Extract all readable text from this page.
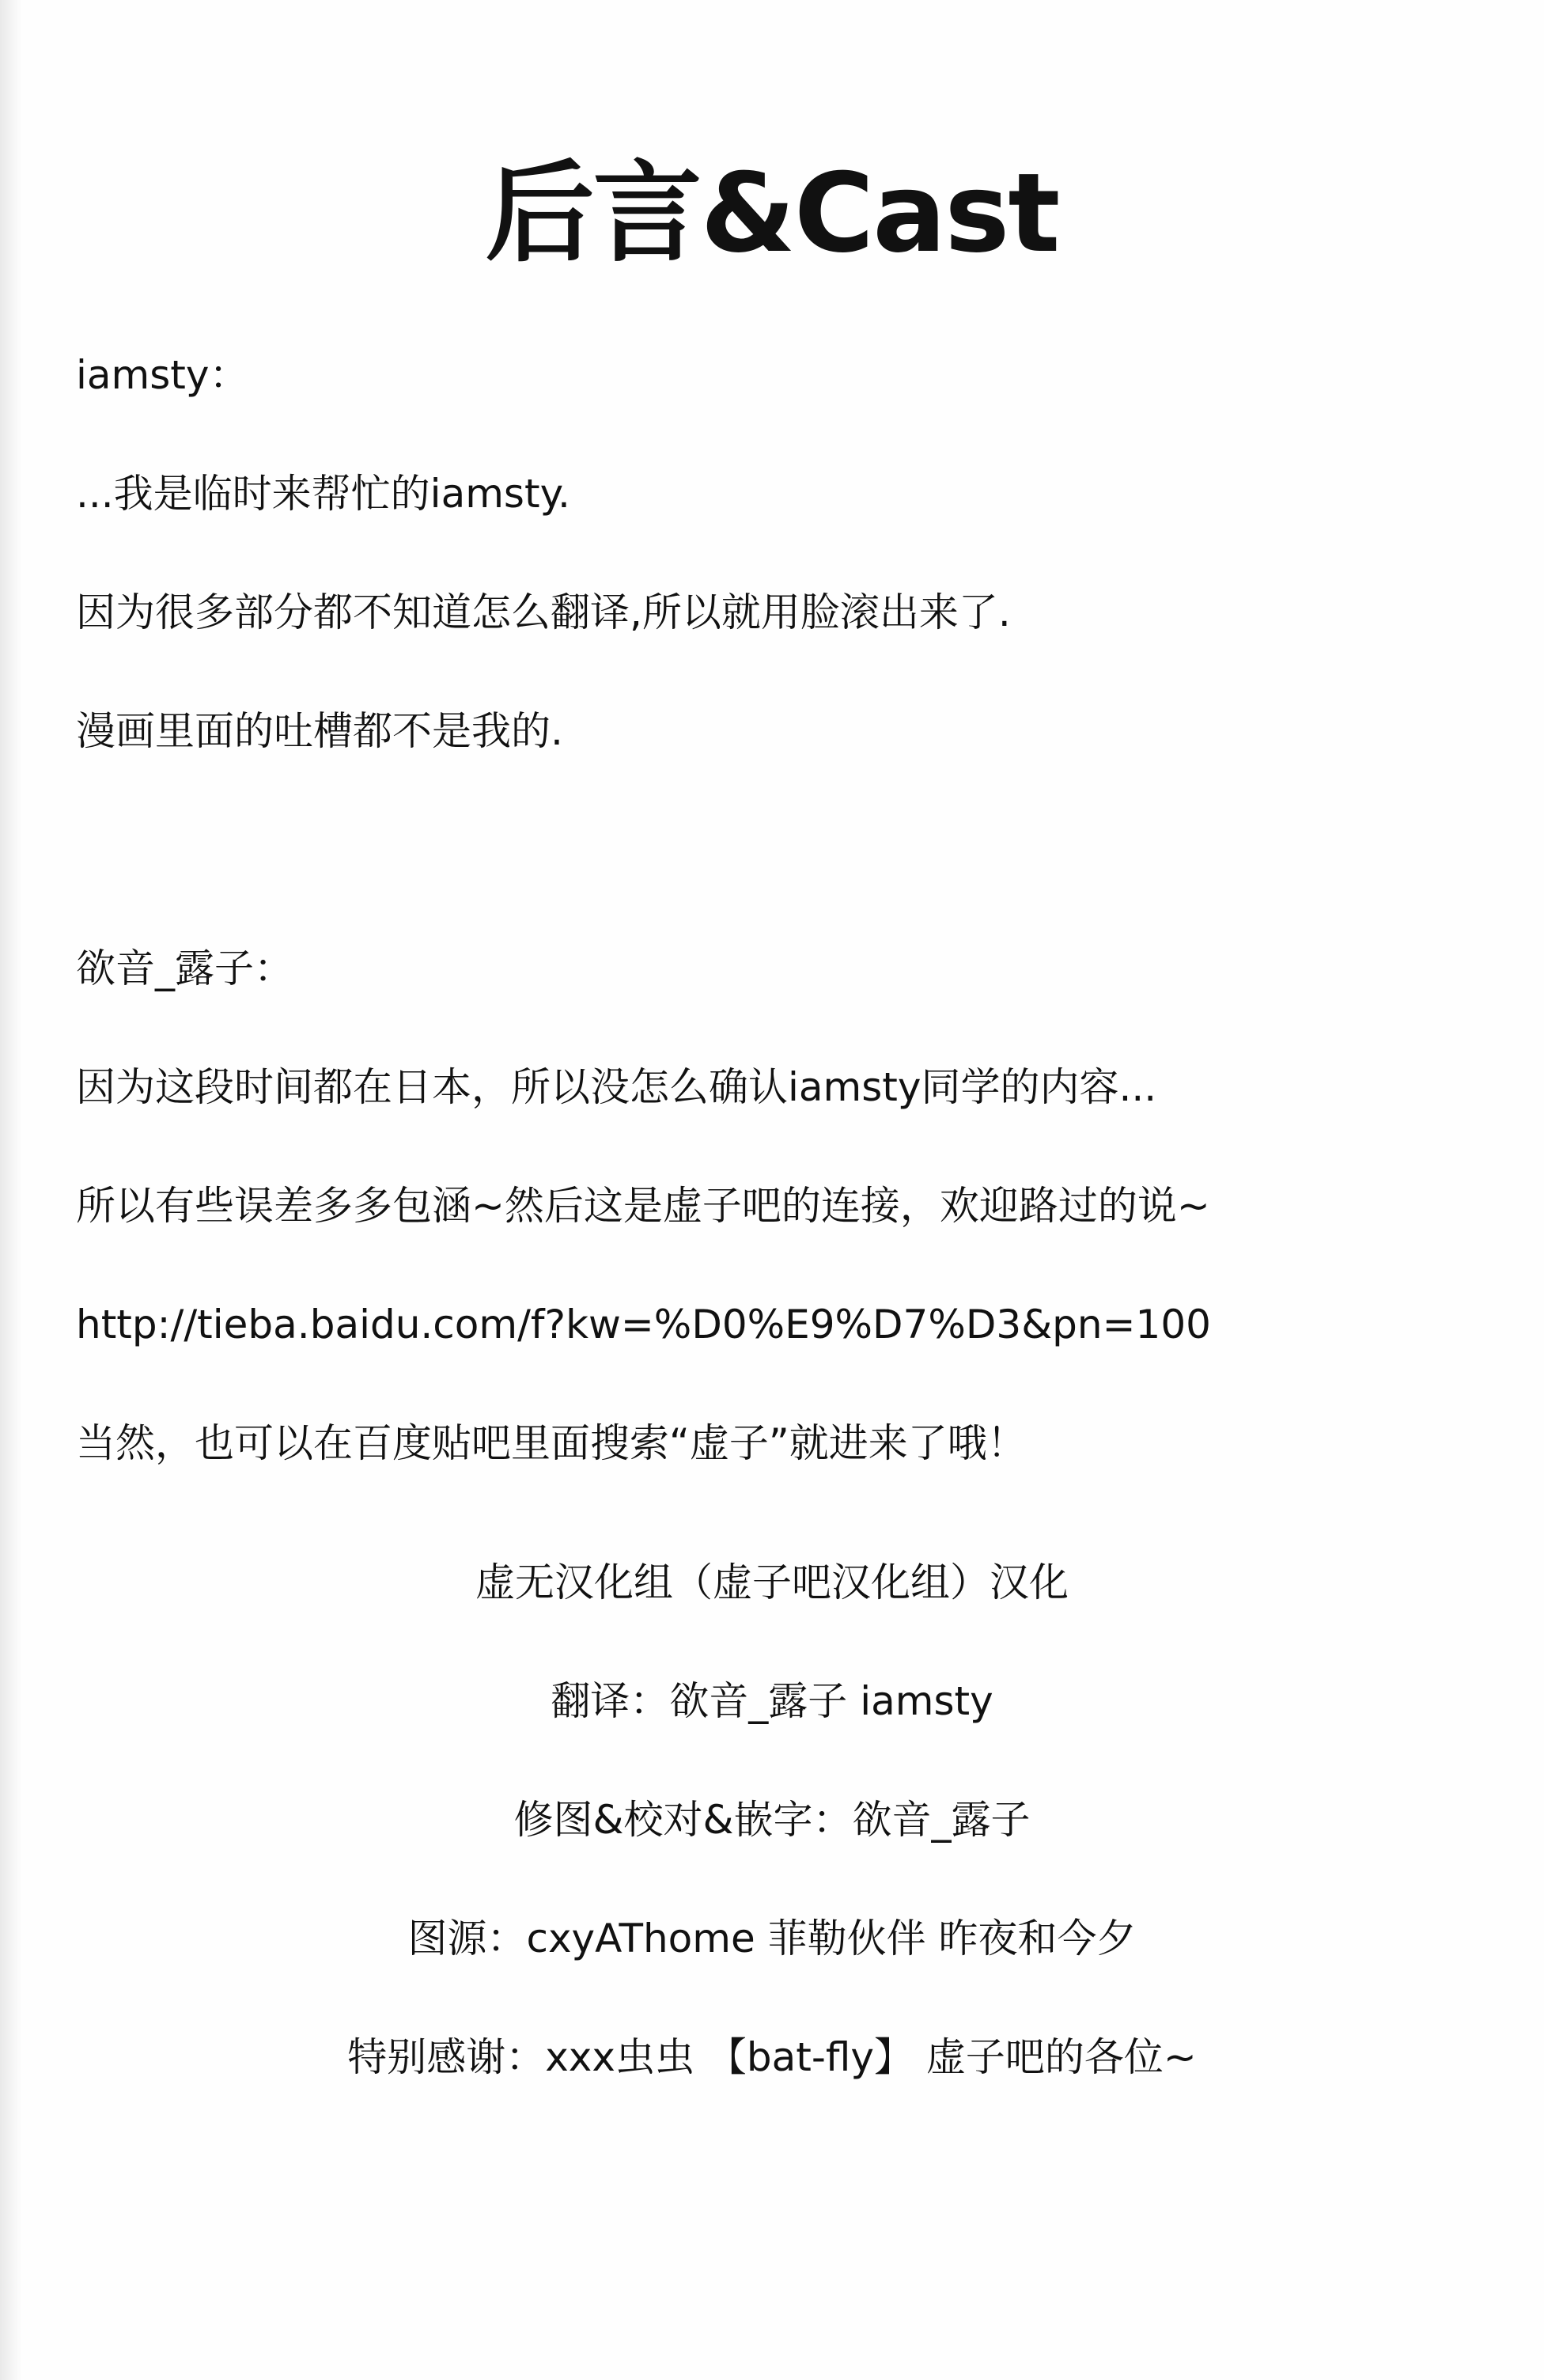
后言&Cast
iamsty：
...我是临时来帮忙的iamsty.
因为很多部分都不知道怎么翻译,所以就用脸滚出来了.
漫画里面的吐槽都不是我的.
欲音_露子：
因为这段时间都在日本，所以没怎么确认iamsty同学的内容...
所以有些误差多多包涵~然后这是虚子吧的连接，欢迎路过的说~
http://tieba.baidu.com/f?kw=%D0%E9%D7%D3&pn=100
当然，也可以在百度贴吧里面搜索“虚子”就进来了哦！
虚无汉化组（虚子吧汉化组）汉化
翻译：欲音_露子 iamsty
修图&校对&嵌字：欲音_露子
图源：cxyAThome 菲勒伙伴 昨夜和今夕
特别感谢：xxx虫虫 【bat-fly】 虚子吧的各位~
